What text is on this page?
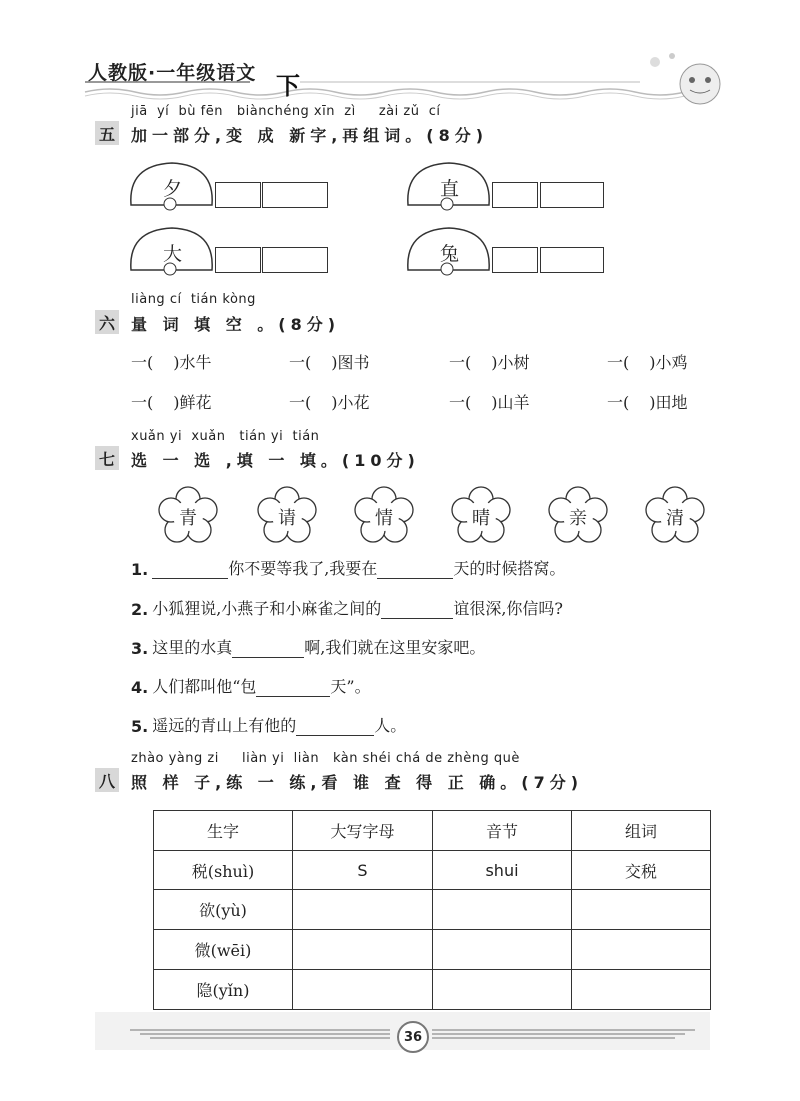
人教版·一年级语文 下
jiā  yí  bù fēn   biànchéng xīn  zì     zài zǔ  cí
五 加一部分,变 成 新字,再组词。(8分)
夕	直
大	兔
liàng cí  tián kòng
六 量 词 填 空 。(8分)
一( )水牛	一( )图书	一( )小树	一( )小鸡
一( )鲜花	一( )小花	一( )山羊	一( )田地
xuǎn yi  xuǎn   tián yi  tián
七 选 一 选 ,填 一 填。(10分)
青	请	情	晴	亲	清
1.	你不要等我了,我要在	天的时候搭窝。
2. 小狐狸说,小燕子和小麻雀之间的	谊很深,你信吗?
3. 这里的水真	啊,我们就在这里安家吧。
4. 人们都叫他“包	天”。
5. 遥远的青山上有他的	人。
zhào yàng zi     liàn yi  liàn   kàn shéi chá de zhèng què
八 照 样 子,练 一 练,看 谁 查 得 正 确。(7分)
生字	大写字母	音节	组词
税(shuì)	S	shui	交税
欲(yù)			
微(wēi)			
隐(yǐn)			
36
